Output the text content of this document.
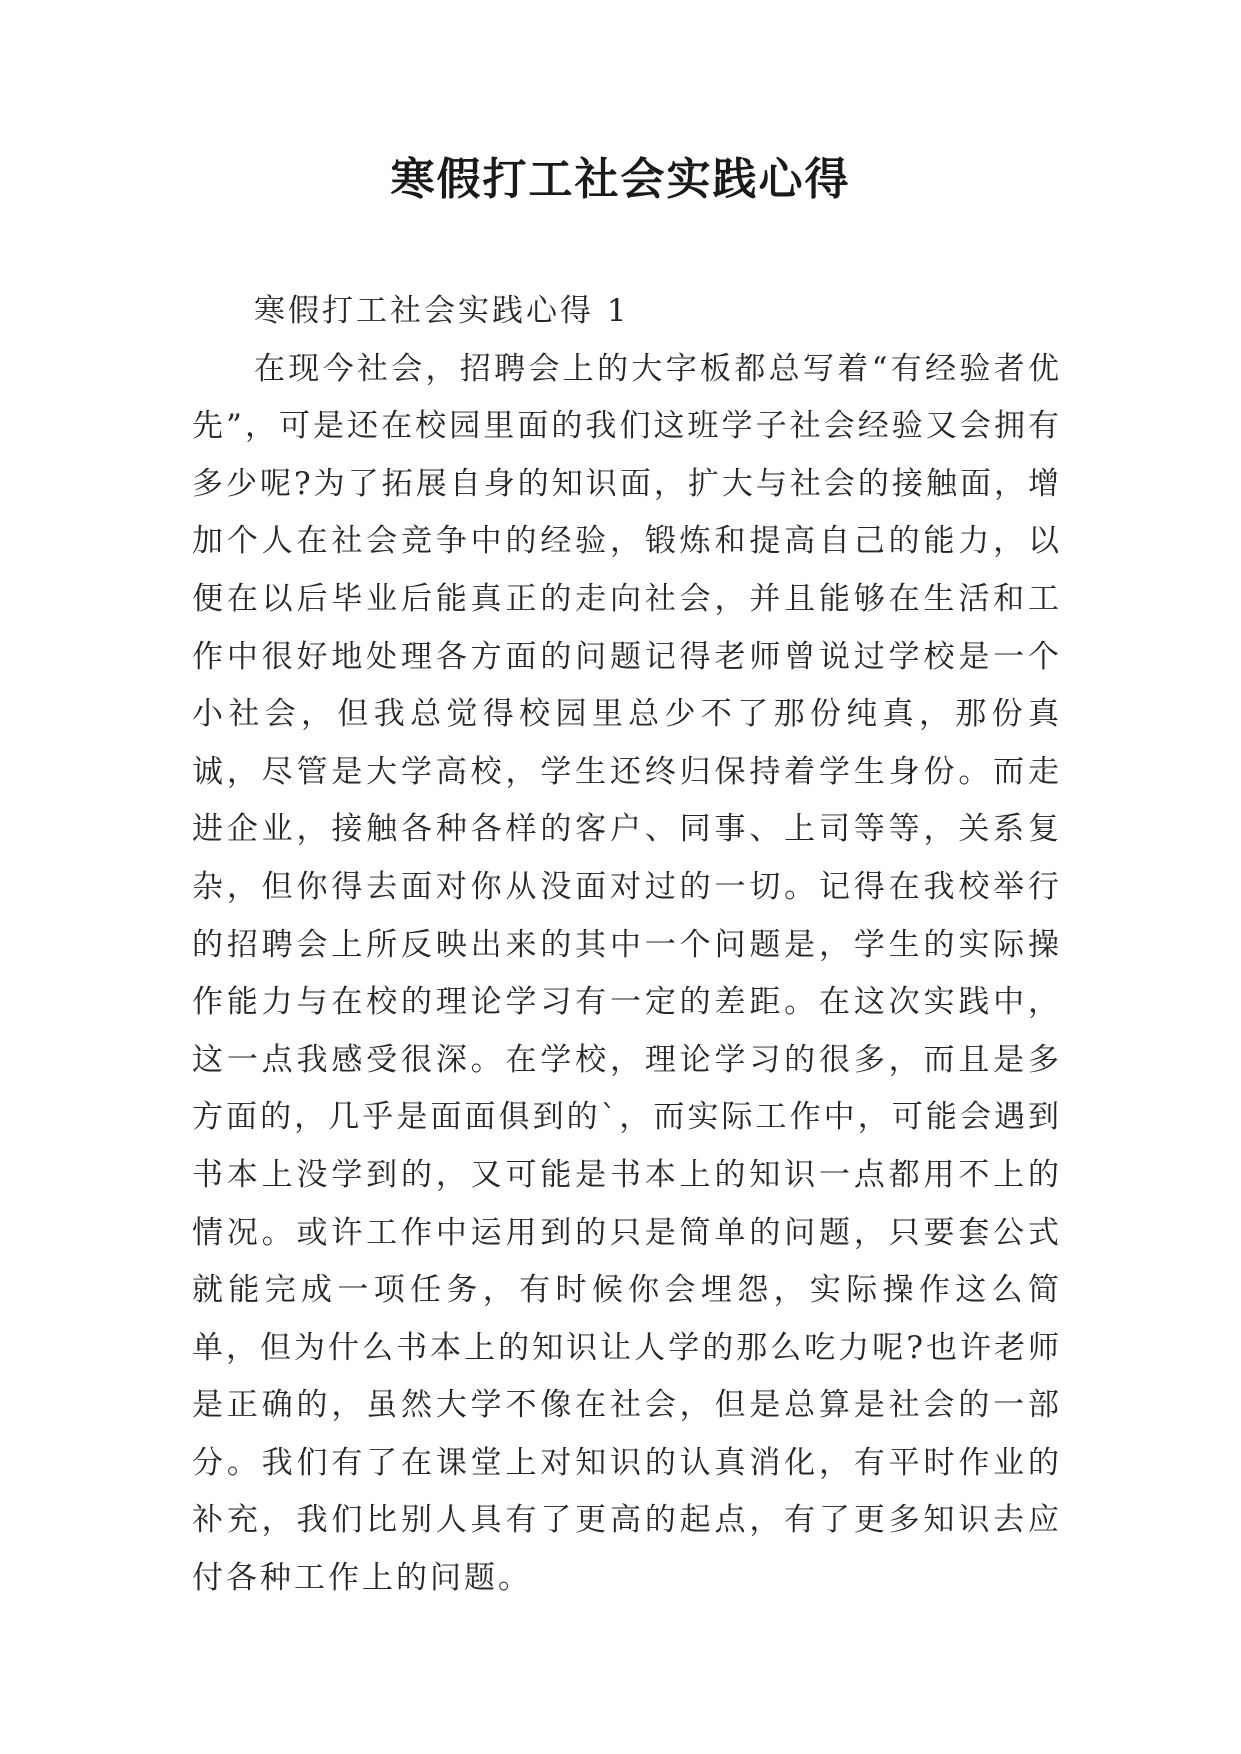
寒假打工社会实践心得
寒假打工社会实践心得 1

在现今社会，招聘会上的大字板都总写着“有经验者优先”，可是还在校园里面的我们这班学子社会经验又会拥有多少呢?为了拓展自身的知识面，扩大与社会的接触面，增加个人在社会竞争中的经验，锻炼和提高自己的能力，以便在以后毕业后能真正的走向社会，并且能够在生活和工作中很好地处理各方面的问题记得老师曾说过学校是一个小社会，但我总觉得校园里总少不了那份纯真，那份真诚，尽管是大学高校，学生还终归保持着学生身份。而走进企业，接触各种各样的客户、同事、上司等等，关系复杂，但你得去面对你从没面对过的一切。记得在我校举行的招聘会上所反映出来的其中一个问题是，学生的实际操作能力与在校的理论学习有一定的差距。在这次实践中，这一点我感受很深。在学校，理论学习的很多，而且是多方面的，几乎是面面俱到的`，而实际工作中，可能会遇到书本上没学到的，又可能是书本上的知识一点都用不上的情况。或许工作中运用到的只是简单的问题，只要套公式就能完成一项任务，有时候你会埋怨，实际操作这么简单，但为什么书本上的知识让人学的那么吃力呢?也许老师是正确的，虽然大学不像在社会，但是总算是社会的一部分。我们有了在课堂上对知识的认真消化，有平时作业的补充，我们比别人具有了更高的起点，有了更多知识去应付各种工作上的问题。
